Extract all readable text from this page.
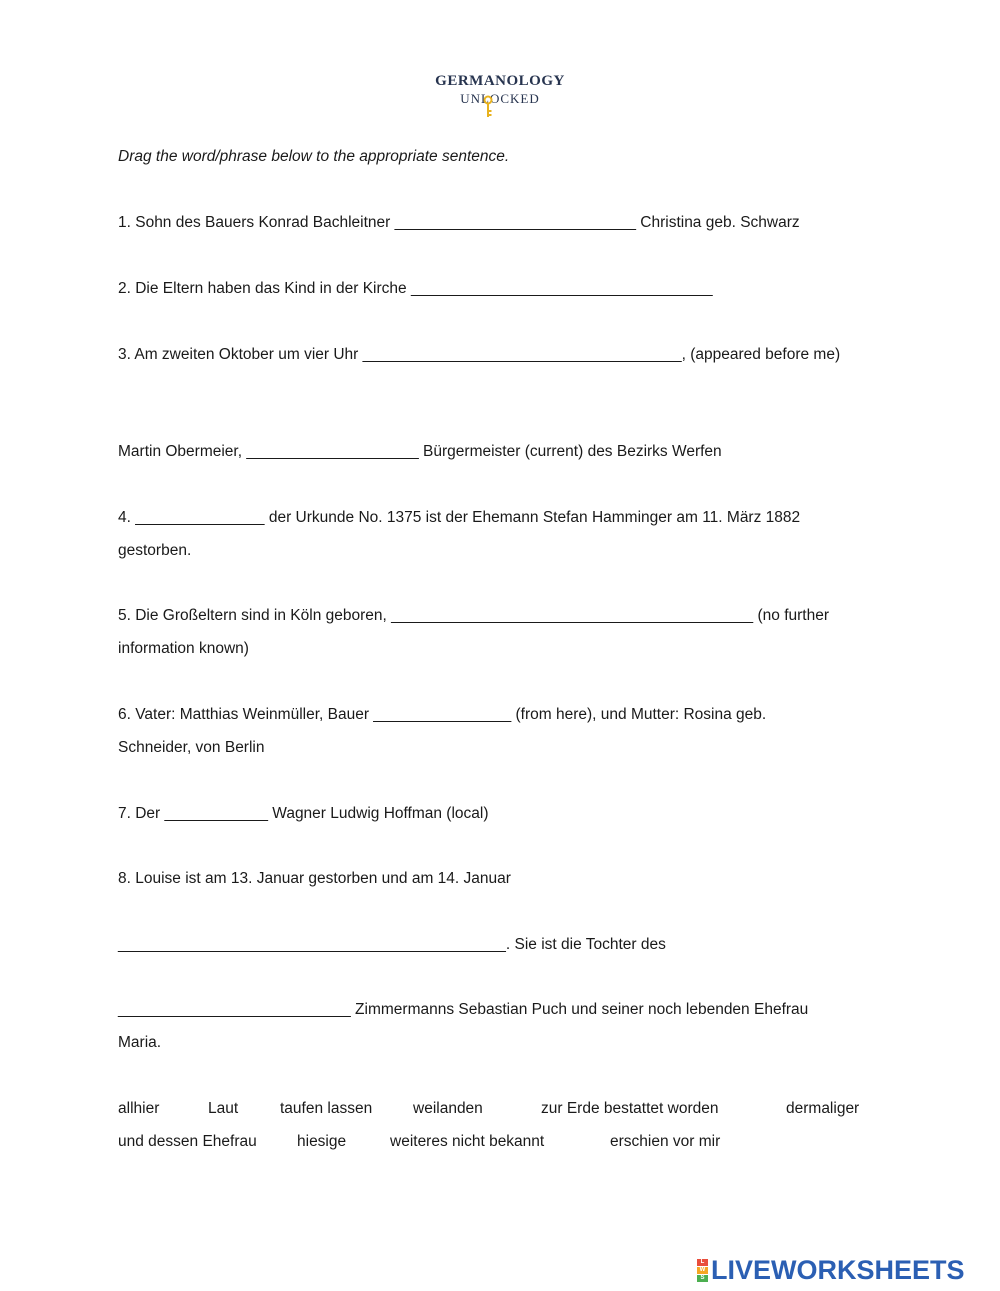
GERMANOLOGY
UNLOCKED
Drag the word/phrase below to the appropriate sentence.
1. Sohn des Bauers Konrad Bachleitner ____________________________ Christina geb. Schwarz
2. Die Eltern haben das Kind in der Kirche ___________________________________
3. Am zweiten Oktober um vier Uhr _____________________________________, (appeared before me)
Martin Obermeier, ____________________ Bürgermeister (current) des Bezirks Werfen
4. _______________ der Urkunde No. 1375 ist der Ehemann Stefan Hamminger am 11. März 1882
gestorben.
5. Die Großeltern sind in Köln geboren, __________________________________________ (no further
information known)
6. Vater: Matthias Weinmüller, Bauer ________________ (from here), und Mutter: Rosina geb.
Schneider, von Berlin
7. Der ____________ Wagner Ludwig Hoffman (local)
8. Louise ist am 13. Januar gestorben und am 14. Januar
_____________________________________________. Sie ist die Tochter des
___________________________ Zimmermanns Sebastian Puch und seiner noch lebenden Ehefrau
Maria.
allhier	Laut	taufen lassen	weilanden	zur Erde bestattet worden	dermaliger
und dessen Ehefrau	hiesige	weiteres nicht bekannt	erschien vor mir
L
W
S LIVEWORKSHEETS
